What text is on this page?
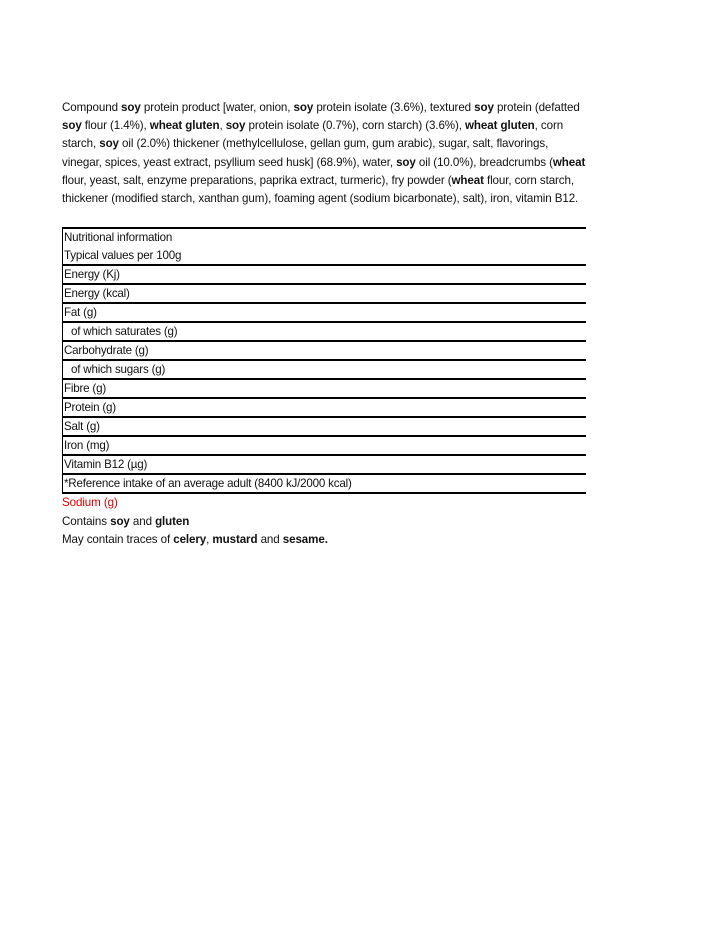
Compound soy protein product [water, onion, soy protein isolate (3.6%), textured soy protein (defatted soy flour (1.4%), wheat gluten, soy protein isolate (0.7%), corn starch) (3.6%), wheat gluten, corn starch, soy oil (2.0%) thickener (methylcellulose, gellan gum, gum arabic), sugar, salt, flavorings, vinegar, spices, yeast extract, psyllium seed husk] (68.9%), water, soy oil (10.0%), breadcrumbs (wheat flour, yeast, salt, enzyme preparations, paprika extract, turmeric), fry powder (wheat flour, corn starch, thickener (modified starch, xanthan gum), foaming agent (sodium bicarbonate), salt), iron, vitamin B12.

Nutritional information
Typical values per 100g
Energy (Kj)
Energy (kcal)
Fat (g)
of which saturates (g)
Carbohydrate (g)
of which sugars (g)
Fibre (g)
Protein (g)
Salt (g)
Iron (mg)
Vitamin B12 (µg)
*Reference intake of an average adult (8400 kJ/2000 kcal)

Sodium (g)

Contains soy and gluten

May contain traces of celery, mustard and sesame.
